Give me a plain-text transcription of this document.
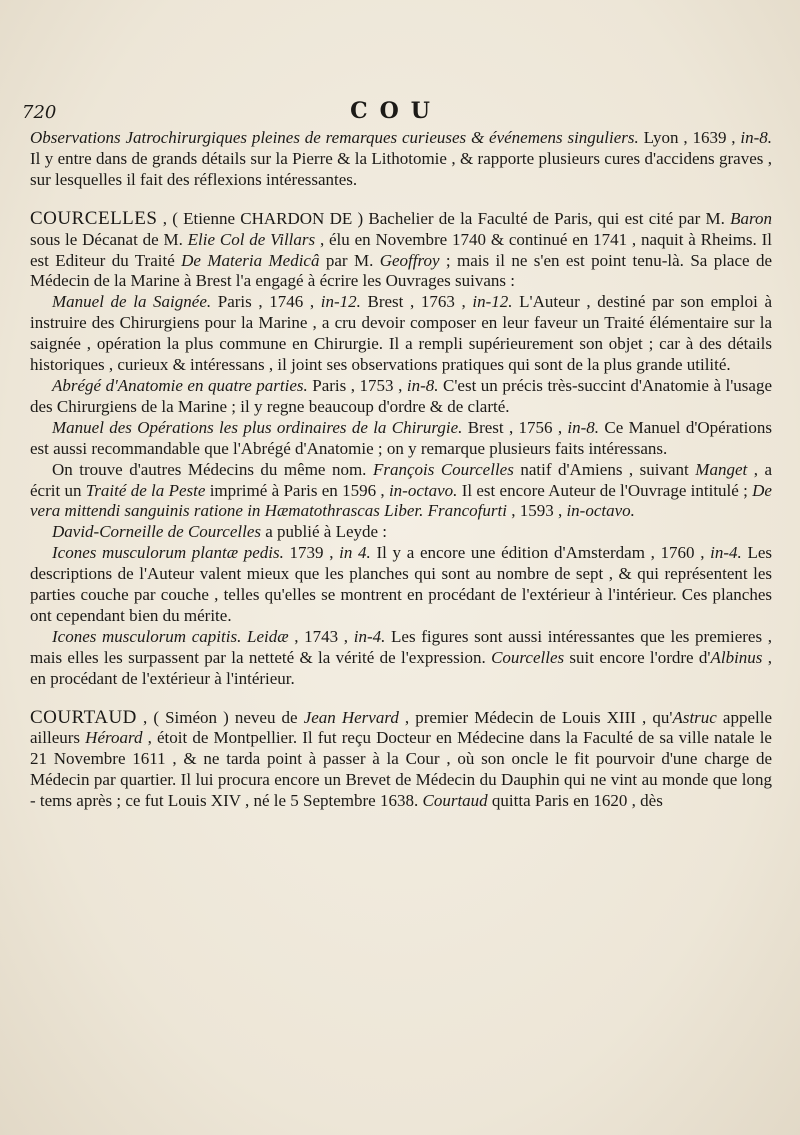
720	COU

Observations Jatrochirurgiques pleines de remarques curieuses & événemens singuliers. Lyon , 1639 , in-8. Il y entre dans de grands détails sur la Pierre & la Lithotomie , & rapporte plusieurs cures d'accidens graves , sur lesquelles il fait des réflexions intéressantes.

COURCELLES , ( Etienne CHARDON DE ) Bachelier de la Faculté de Paris, qui est cité par M. Baron sous le Décanat de M. Elie Col de Villars , élu en Novembre 1740 & continué en 1741 , naquit à Rheims. Il est Editeur du Traité De Materia Medicâ par M. Geoffroy ; mais il ne s'en est point tenu-là. Sa place de Médecin de la Marine à Brest l'a engagé à écrire les Ouvrages suivans :

Manuel de la Saignée. Paris , 1746 , in-12. Brest , 1763 , in-12. L'Auteur , destiné par son emploi à instruire des Chirurgiens pour la Marine , a cru devoir composer en leur faveur un Traité élémentaire sur la saignée , opération la plus commune en Chirurgie. Il a rempli supérieurement son objet ; car à des détails historiques , curieux & intéressans , il joint ses observations pratiques qui sont de la plus grande utilité.

Abrégé d'Anatomie en quatre parties. Paris , 1753 , in-8. C'est un précis très-succint d'Anatomie à l'usage des Chirurgiens de la Marine ; il y regne beaucoup d'ordre & de clarté.

Manuel des Opérations les plus ordinaires de la Chirurgie. Brest , 1756 , in-8. Ce Manuel d'Opérations est aussi recommandable que l'Abrégé d'Anatomie ; on y remarque plusieurs faits intéressans.

On trouve d'autres Médecins du même nom. François Courcelles natif d'Amiens , suivant Manget , a écrit un Traité de la Peste imprimé à Paris en 1596 , in-octavo. Il est encore Auteur de l'Ouvrage intitulé ; De vera mittendi sanguinis ratione in Hæmatothrascas Liber. Francofurti , 1593 , in-octavo.

David-Corneille de Courcelles a publié à Leyde :

Icones musculorum plantæ pedis. 1739 , in 4. Il y a encore une édition d'Amsterdam , 1760 , in-4. Les descriptions de l'Auteur valent mieux que les planches qui sont au nombre de sept , & qui représentent les parties couche par couche , telles qu'elles se montrent en procédant de l'extérieur à l'intérieur. Ces planches ont cependant bien du mérite.

Icones musculorum capitis. Leidæ , 1743 , in-4. Les figures sont aussi intéressantes que les premieres , mais elles les surpassent par la netteté & la vérité de l'expression. Courcelles suit encore l'ordre d'Albinus , en procédant de l'extérieur à l'intérieur.

COURTAUD , ( Siméon ) neveu de Jean Hervard , premier Médecin de Louis XIII , qu'Astruc appelle ailleurs Héroard , étoit de Montpellier. Il fut reçu Docteur en Médecine dans la Faculté de sa ville natale le 21 Novembre 1611 , & ne tarda point à passer à la Cour , où son oncle le fit pourvoir d'une charge de Médecin par quartier. Il lui procura encore un Brevet de Médecin du Dauphin qui ne vint au monde que long - tems après ; ce fut Louis XIV , né le 5 Septembre 1638. Courtaud quitta Paris en 1620 , dès
